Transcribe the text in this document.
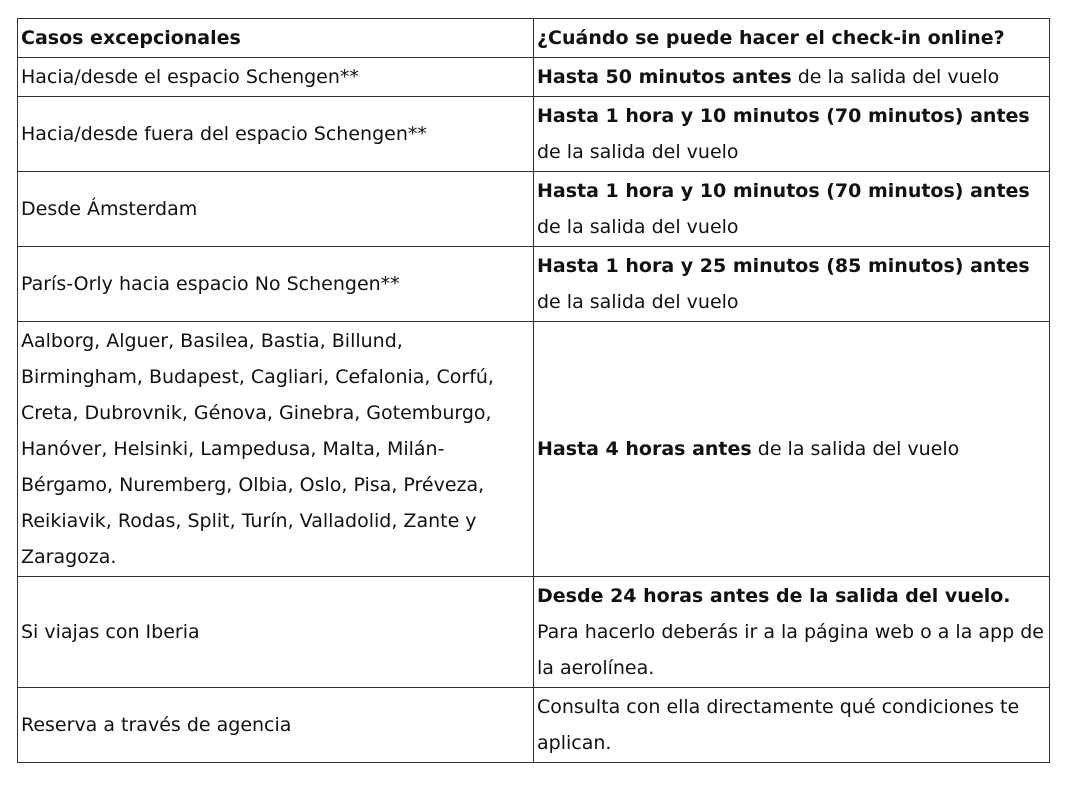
Casos excepcionales	¿Cuándo se puede hacer el check-in online?
Hacia/desde el espacio Schengen**	Hasta 50 minutos antes de la salida del vuelo
Hacia/desde fuera del espacio Schengen**	Hasta 1 hora y 10 minutos (70 minutos) antes de la salida del vuelo
Desde Ámsterdam	Hasta 1 hora y 10 minutos (70 minutos) antes de la salida del vuelo
París-Orly hacia espacio No Schengen**	Hasta 1 hora y 25 minutos (85 minutos) antes de la salida del vuelo
Aalborg, Alguer, Basilea, Bastia, Billund, Birmingham, Budapest, Cagliari, Cefalonia, Corfú, Creta, Dubrovnik, Génova, Ginebra, Gotemburgo, Hanóver, Helsinki, Lampedusa, Malta, Milán-Bérgamo, Nuremberg, Olbia, Oslo, Pisa, Préveza, Reikiavik, Rodas, Split, Turín, Valladolid, Zante y Zaragoza.	Hasta 4 horas antes de la salida del vuelo
Si viajas con Iberia	Desde 24 horas antes de la salida del vuelo. Para hacerlo deberás ir a la página web o a la app de la aerolínea.
Reserva a través de agencia	Consulta con ella directamente qué condiciones te aplican.
